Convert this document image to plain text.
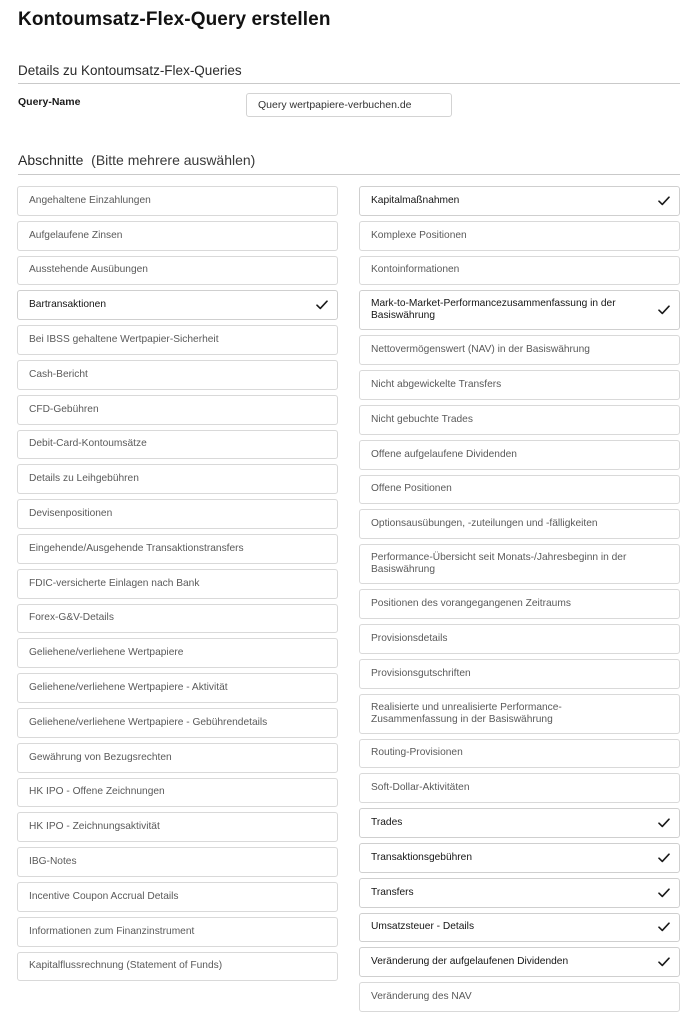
Kontoumsatz-Flex-Query erstellen
Details zu Kontoumsatz-Flex-Queries
Query-Name
Query wertpapiere-verbuchen.de
Abschnitte (Bitte mehrere auswählen)
Angehaltene Einzahlungen
Aufgelaufene Zinsen
Ausstehende Ausübungen
Bartransaktionen
Bei IBSS gehaltene Wertpapier-Sicherheit
Cash-Bericht
CFD-Gebühren
Debit-Card-Kontoumsätze
Details zu Leihgebühren
Devisenpositionen
Eingehende/Ausgehende Transaktionstransfers
FDIC-versicherte Einlagen nach Bank
Forex-G&V-Details
Geliehene/verliehene Wertpapiere
Geliehene/verliehene Wertpapiere - Aktivität
Geliehene/verliehene Wertpapiere - Gebührendetails
Gewährung von Bezugsrechten
HK IPO - Offene Zeichnungen
HK IPO - Zeichnungsaktivität
IBG-Notes
Incentive Coupon Accrual Details
Informationen zum Finanzinstrument
Kapitalflussrechnung (Statement of Funds)
Kapitalmaßnahmen
Komplexe Positionen
Kontoinformationen
Mark-to-Market-Performancezusammenfassung in der Basiswährung
Nettovermögenswert (NAV) in der Basiswährung
Nicht abgewickelte Transfers
Nicht gebuchte Trades
Offene aufgelaufene Dividenden
Offene Positionen
Optionsausübungen, -zuteilungen und -fälligkeiten
Performance-Übersicht seit Monats-/Jahresbeginn in der Basiswährung
Positionen des vorangegangenen Zeitraums
Provisionsdetails
Provisionsgutschriften
Realisierte und unrealisierte Performance-Zusammenfassung in der Basiswährung
Routing-Provisionen
Soft-Dollar-Aktivitäten
Trades
Transaktionsgebühren
Transfers
Umsatzsteuer - Details
Veränderung der aufgelaufenen Dividenden
Veränderung des NAV
